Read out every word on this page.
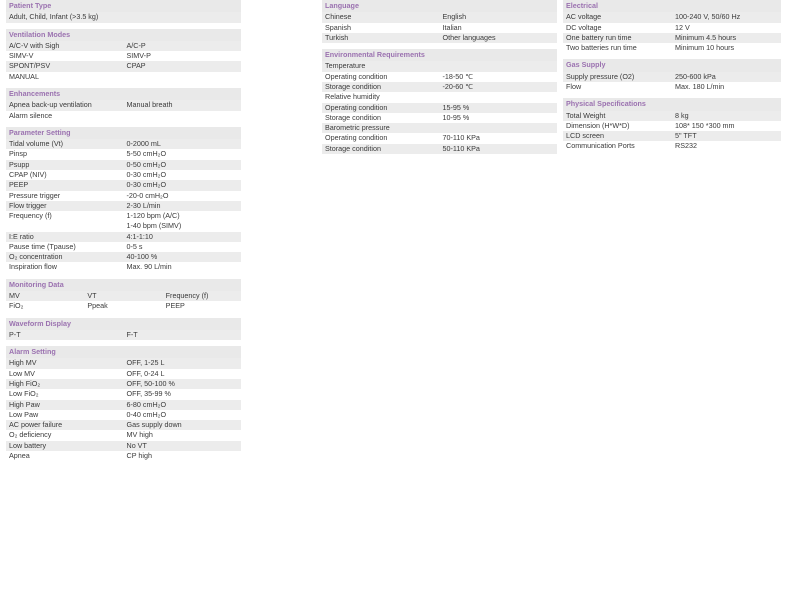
Patient Type
Adult, Child, Infant (>3.5 kg)
Ventilation Modes	
A/C-V with Sigh	A/C-P
SIMV-V	SIMV-P
SPONT/PSV	CPAP
MANUAL	
Enhancements	
Apnea back-up ventilation	Manual breath
Alarm silence	
Parameter Setting	
Tidal volume (Vt)	0-2000 mL
Pinsp	5-50 cmH₂O
Psupp	0-50 cmH₂O
CPAP (NIV)	0-30 cmH₂O
PEEP	0-30 cmH₂O
Pressure trigger	-20-0 cmH₂O
Flow trigger	2-30 L/min
Frequency (f)	1-120 bpm (A/C)
	1-40 bpm (SIMV)
I:E ratio	4:1-1:10
Pause time (Tpause)	0-5 s
O₂ concentration	40-100 %
Inspiration flow	Max. 90 L/min
Monitoring Data		
MV	VT	Frequency (f)
FiO₂	Ppeak	PEEP
Waveform Display
P-T	F-T
Alarm Setting	
High MV	OFF, 1-25 L
Low MV	OFF, 0-24 L
High FiO₂	OFF, 50-100 %
Low FiO₂	OFF, 35-99 %
High Paw	6-80 cmH₂O
Low Paw	0-40 cmH₂O
AC power failure	Gas supply down
O₂ deficiency	MV high
Low battery	No VT
Apnea	CP high
Language	
Chinese	English
Spanish	Italian
Turkish	Other languages
Environmental Requirements	
Temperature	
Operating condition	-18-50 ℃
Storage condition	-20-60 ℃
Relative humidity	
Operating condition	15-95 %
Storage condition	10-95 %
Barometric pressure	
Operating condition	70-110 KPa
Storage condition	50-110 KPa
Electrical	
AC voltage	100-240 V, 50/60 Hz
DC voltage	12 V
One battery run time	Minimum 4.5 hours
Two batteries run time	Minimum 10 hours
Gas Supply	
Supply pressure (O2)	250-600 kPa
Flow	Max. 180 L/min
Physical Specifications	
Total Weight	8 kg
Dimension (H*W*D)	108* 150 *300 mm
LCD screen	5" TFT
Communication Ports	RS232
